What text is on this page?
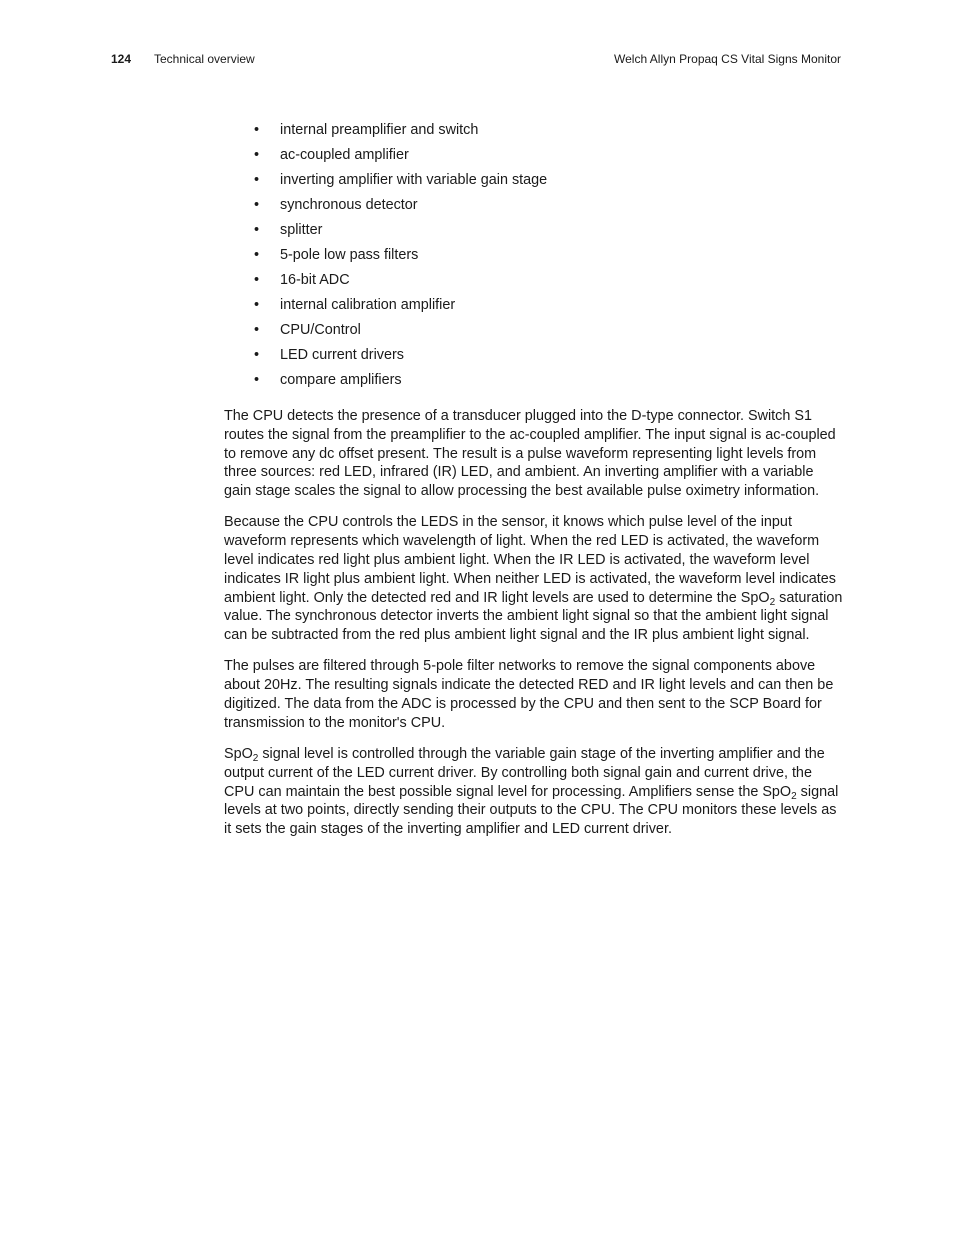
124 Technical overview	Welch Allyn Propaq CS Vital Signs Monitor
• internal preamplifier and switch
• ac-coupled amplifier
• inverting amplifier with variable gain stage
• synchronous detector
• splitter
• 5-pole low pass filters
• 16-bit ADC
• internal calibration amplifier
• CPU/Control
• LED current drivers
• compare amplifiers

The CPU detects the presence of a transducer plugged into the D-type connector. Switch S1 routes the signal from the preamplifier to the ac-coupled amplifier. The input signal is ac-coupled to remove any dc offset present. The result is a pulse waveform representing light levels from three sources: red LED, infrared (IR) LED, and ambient. An inverting amplifier with a variable gain stage scales the signal to allow processing the best available pulse oximetry information.

Because the CPU controls the LEDS in the sensor, it knows which pulse level of the input waveform represents which wavelength of light. When the red LED is activated, the waveform level indicates red light plus ambient light. When the IR LED is activated, the waveform level indicates IR light plus ambient light. When neither LED is activated, the waveform level indicates ambient light. Only the detected red and IR light levels are used to determine the SpO$_2$ saturation value. The synchronous detector inverts the ambient light signal so that the ambient light signal can be subtracted from the red plus ambient light signal and the IR plus ambient light signal.

The pulses are filtered through 5-pole filter networks to remove the signal components above about 20Hz. The resulting signals indicate the detected RED and IR light levels and can then be digitized. The data from the ADC is processed by the CPU and then sent to the SCP Board for transmission to the monitor's CPU.

SpO$_2$ signal level is controlled through the variable gain stage of the inverting amplifier and the output current of the LED current driver. By controlling both signal gain and current drive, the CPU can maintain the best possible signal level for processing. Amplifiers sense the SpO$_2$ signal levels at two points, directly sending their outputs to the CPU. The CPU monitors these levels as it sets the gain stages of the inverting amplifier and LED current driver.
